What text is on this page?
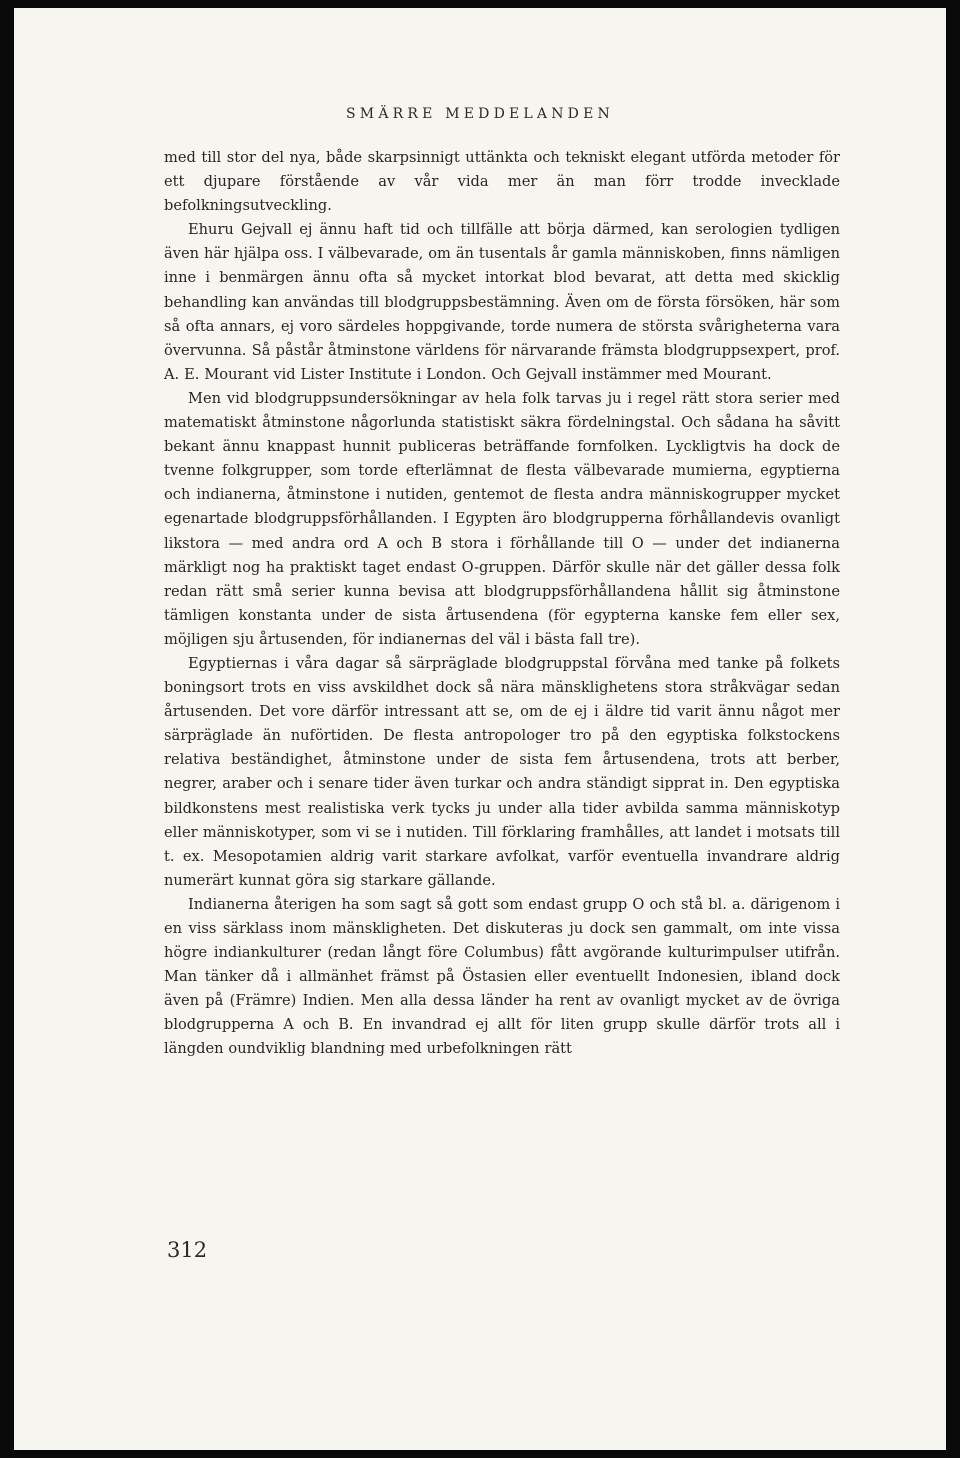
SMÄRRE MEDDELANDEN

med till stor del nya, både skarpsinnigt uttänkta och tekniskt elegant utförda metoder för ett djupare förstående av vår vida mer än man förr trodde invecklade befolkningsutveckling.

Ehuru Gejvall ej ännu haft tid och tillfälle att börja därmed, kan serologien tydligen även här hjälpa oss. I välbevarade, om än tusentals år gamla människoben, finns nämligen inne i benmärgen ännu ofta så mycket intorkat blod bevarat, att detta med skicklig behandling kan användas till blodgruppsbestämning. Även om de första försöken, här som så ofta annars, ej voro särdeles hoppgivande, torde numera de största svårigheterna vara övervunna. Så påstår åtminstone världens för närvarande främsta blodgruppsexpert, prof. A. E. Mourant vid Lister Institute i London. Och Gejvall instämmer med Mourant.

Men vid blodgruppsundersökningar av hela folk tarvas ju i regel rätt stora serier med matematiskt åtminstone någorlunda statistiskt säkra fördelningstal. Och sådana ha såvitt bekant ännu knappast hunnit publiceras beträffande fornfolken. Lyckligtvis ha dock de tvenne folkgrupper, som torde efterlämnat de flesta välbevarade mumierna, egyptierna och indianerna, åtminstone i nutiden, gentemot de flesta andra människogrupper mycket egenartade blodgruppsförhållanden. I Egypten äro blodgrupperna förhållandevis ovanligt likstora — med andra ord A och B stora i förhållande till O — under det indianerna märkligt nog ha praktiskt taget endast O-gruppen. Därför skulle när det gäller dessa folk redan rätt små serier kunna bevisa att blodgruppsförhållandena hållit sig åtminstone tämligen konstanta under de sista årtusendena (för egypterna kanske fem eller sex, möjligen sju årtusenden, för indianernas del väl i bästa fall tre).

Egyptiernas i våra dagar så särpräglade blodgruppstal förvåna med tanke på folkets boningsort trots en viss avskildhet dock så nära mänsklighetens stora stråkvägar sedan årtusenden. Det vore därför intressant att se, om de ej i äldre tid varit ännu något mer särpräglade än nuförtiden. De flesta antropologer tro på den egyptiska folkstockens relativa beständighet, åtminstone under de sista fem årtusendena, trots att berber, negrer, araber och i senare tider även turkar och andra ständigt sipprat in. Den egyptiska bildkonstens mest realistiska verk tycks ju under alla tider avbilda samma människotyp eller människotyper, som vi se i nutiden. Till förklaring framhålles, att landet i motsats till t. ex. Mesopotamien aldrig varit starkare avfolkat, varför eventuella invandrare aldrig numerärt kunnat göra sig starkare gällande.

Indianerna återigen ha som sagt så gott som endast grupp O och stå bl. a. därigenom i en viss särklass inom mänskligheten. Det diskuteras ju dock sen gammalt, om inte vissa högre indiankulturer (redan långt före Columbus) fått avgörande kulturimpulser utifrån. Man tänker då i allmänhet främst på Östasien eller eventuellt Indonesien, ibland dock även på (Främre) Indien. Men alla dessa länder ha rent av ovanligt mycket av de övriga blodgrupperna A och B. En invandrad ej allt för liten grupp skulle därför trots all i längden oundviklig blandning med urbefolkningen rätt

312
